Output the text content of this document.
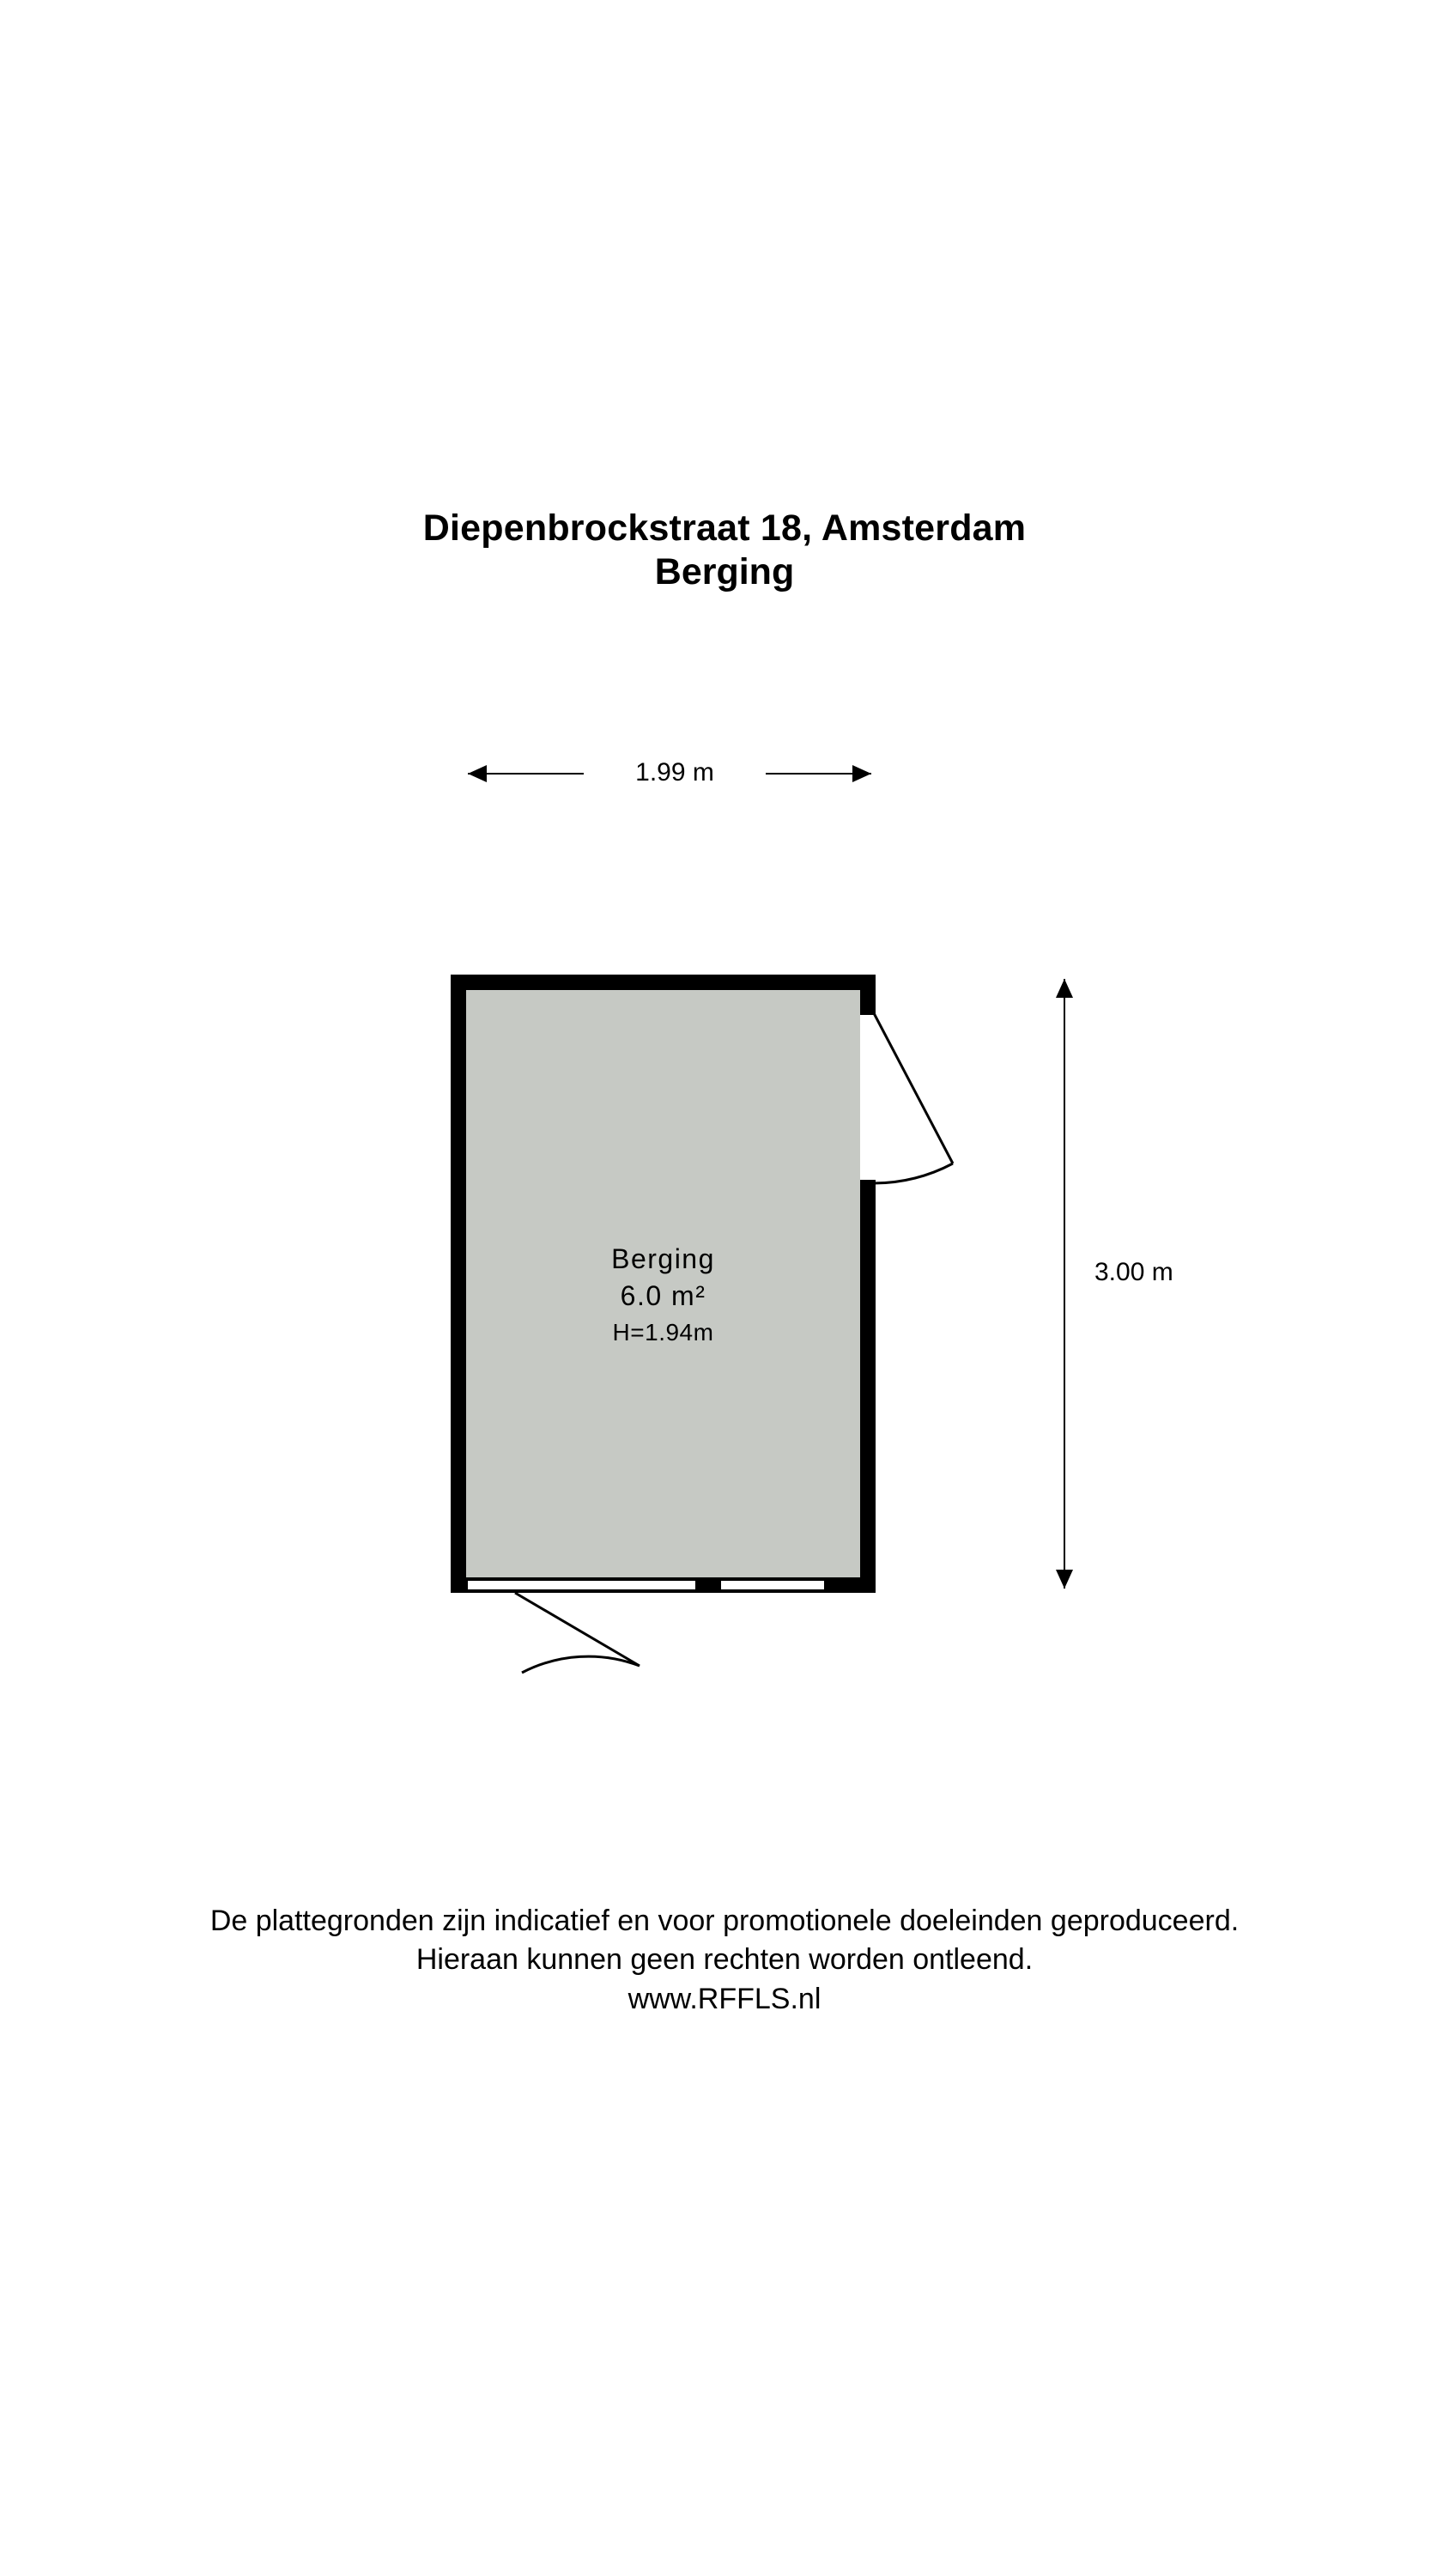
Diepenbrockstraat 18, Amsterdam
Berging
1.99 m
3.00 m
Berging
6.0 m²
H=1.94m
De plattegronden zijn indicatief en voor promotionele doeleinden geproduceerd.
Hieraan kunnen geen rechten worden ontleend.
www.RFFLS.nl
